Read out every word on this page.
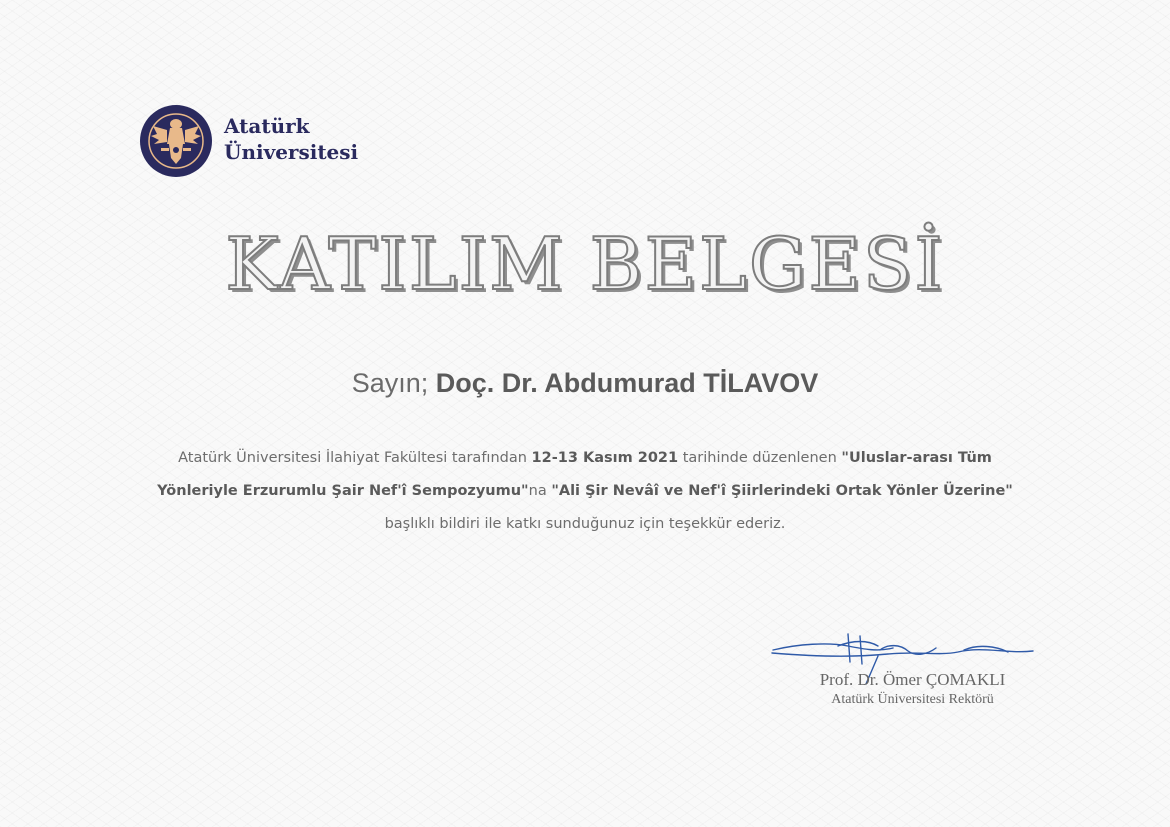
Atatürk
Üniversitesi
KATILIM BELGESİ
Sayın; Doç. Dr. Abdumurad TİLAVOV
Atatürk Üniversitesi İlahiyat Fakültesi tarafından 12-13 Kasım 2021 tarihinde düzenlenen "Uluslar-arası Tüm Yönleriyle Erzurumlu Şair Nef'î Sempozyumu"na "Ali Şir Nevâî ve Nef'î Şiirlerindeki Ortak Yönler Üzerine" başlıklı bildiri ile katkı sunduğunuz için teşekkür ederiz.
Prof. Dr. Ömer ÇOMAKLI
Atatürk Üniversitesi Rektörü
